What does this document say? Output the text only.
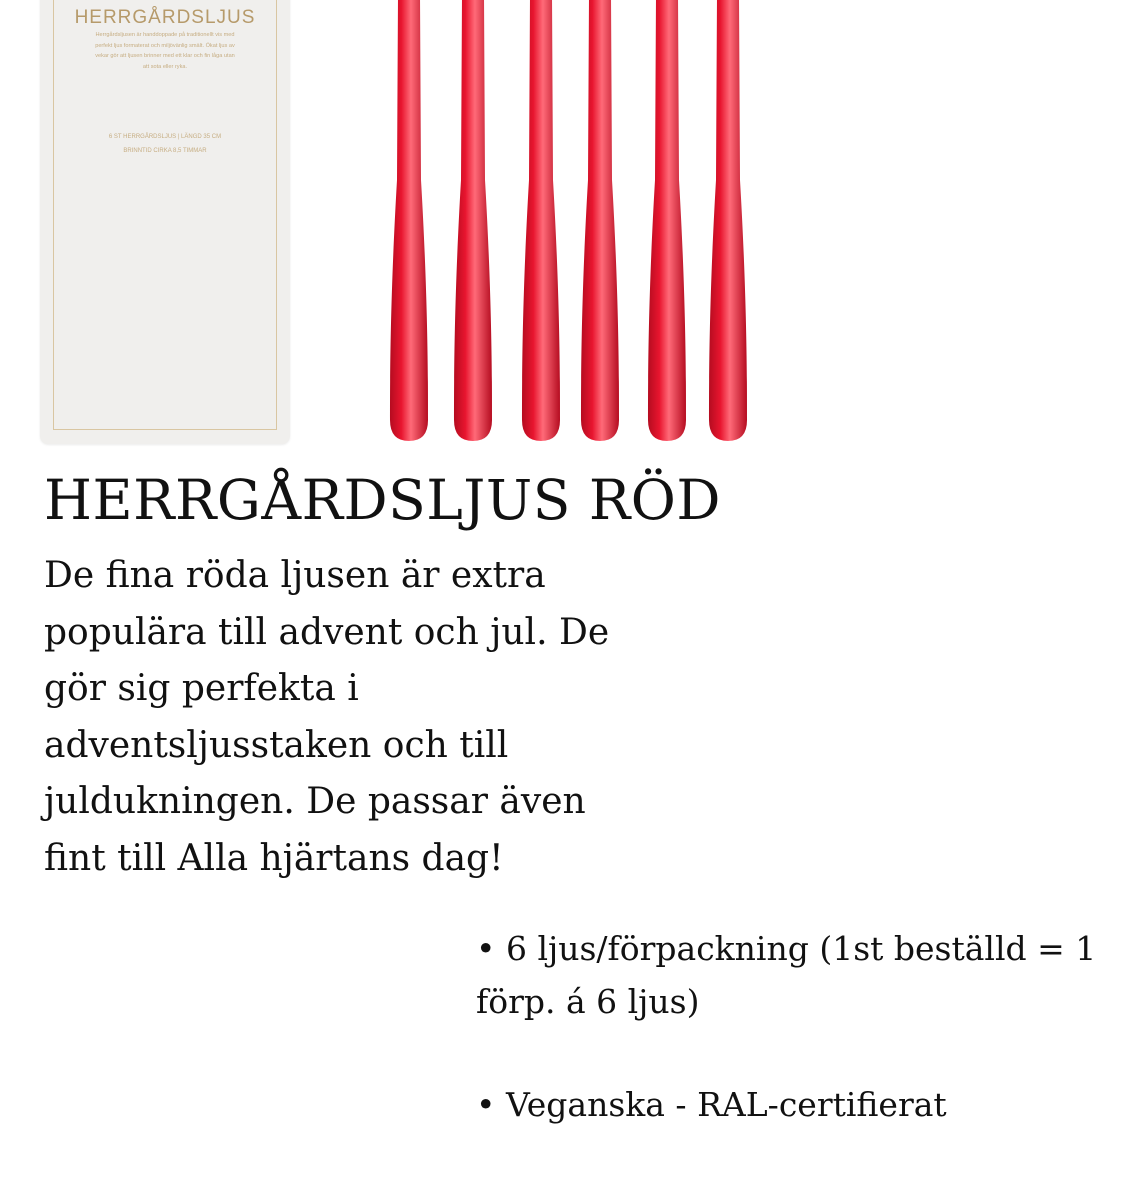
HERRGÅRDSLJUS
Herrgårdsljusen är handdoppade på traditionellt vis med perfekt ljus formaterat och miljövänlig smält. Ökat ljus av vekar gör att ljusen brinner med ett klar och fin låga utan att sota eller ryka.
6 ST HERRGÅRDSLJUS | LÄNGD 35 CM
BRINNTID CIRKA 8,5 TIMMAR
HERRGÅRDSLJUS RÖD

De fina röda ljusen är extra populära till advent och jul. De gör sig perfekta i adventsljusstaken och till juldukningen. De passar även fint till Alla hjärtans dag!

• 6 ljus/förpackning (1st beställd = 1 förp. á 6 ljus)
• Veganska - RAL-certifierat
